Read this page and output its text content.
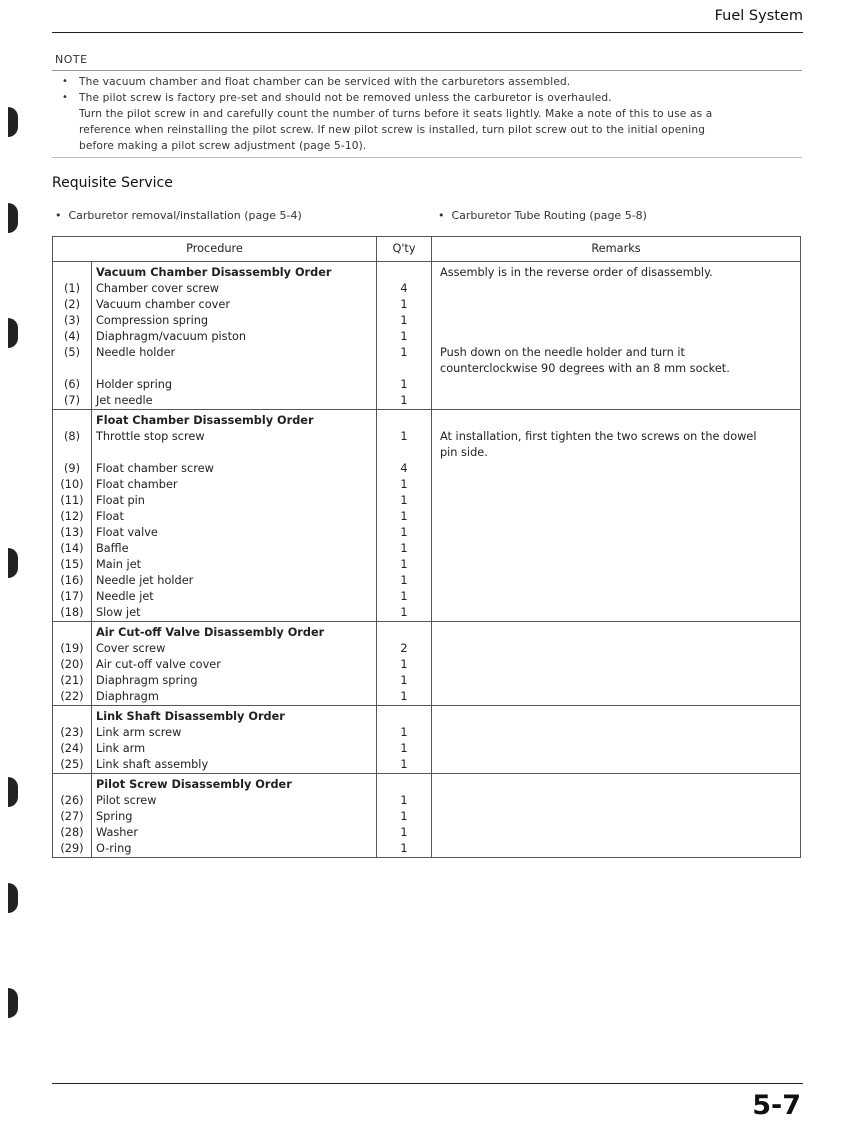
Fuel System
NOTE
• The vacuum chamber and float chamber can be serviced with the carburetors assembled.
• The pilot screw is factory pre-set and should not be removed unless the carburetor is overhauled.
Turn the pilot screw in and carefully count the number of turns before it seats lightly. Make a note of this to use as a
reference when reinstalling the pilot screw. If new pilot screw is installed, turn pilot screw out to the initial opening
before making a pilot screw adjustment (page 5-10).
Requisite Service
•  Carburetor removal/installation (page 5-4)	•  Carburetor Tube Routing (page 5-8)
Procedure		Q'ty	Remarks
	Vacuum Chamber Disassembly Order		Assembly is in the reverse order of disassembly.
(1)	Chamber cover screw	4	
(2)	Vacuum chamber cover	1	
(3)	Compression spring	1	
(4)	Diaphragm/vacuum piston	1	
(5)	Needle holder	1	Push down on the needle holder and turn it
			counterclockwise 90 degrees with an 8 mm socket.
(6)	Holder spring	1	
(7)	Jet needle	1	
	Float Chamber Disassembly Order		
(8)	Throttle stop screw	1	At installation, first tighten the two screws on the dowel
			pin side.
(9)	Float chamber screw	4	
(10)	Float chamber	1	
(11)	Float pin	1	
(12)	Float	1	
(13)	Float valve	1	
(14)	Baffle	1	
(15)	Main jet	1	
(16)	Needle jet holder	1	
(17)	Needle jet	1	
(18)	Slow jet	1	
	Air Cut-off Valve Disassembly Order		
(19)	Cover screw	2	
(20)	Air cut-off valve cover	1	
(21)	Diaphragm spring	1	
(22)	Diaphragm	1	
	Link Shaft Disassembly Order		
(23)	Link arm screw	1	
(24)	Link arm	1	
(25)	Link shaft assembly	1	
	Pilot Screw Disassembly Order		
(26)	Pilot screw	1	
(27)	Spring	1	
(28)	Washer	1	
(29)	O-ring	1	
5-7
